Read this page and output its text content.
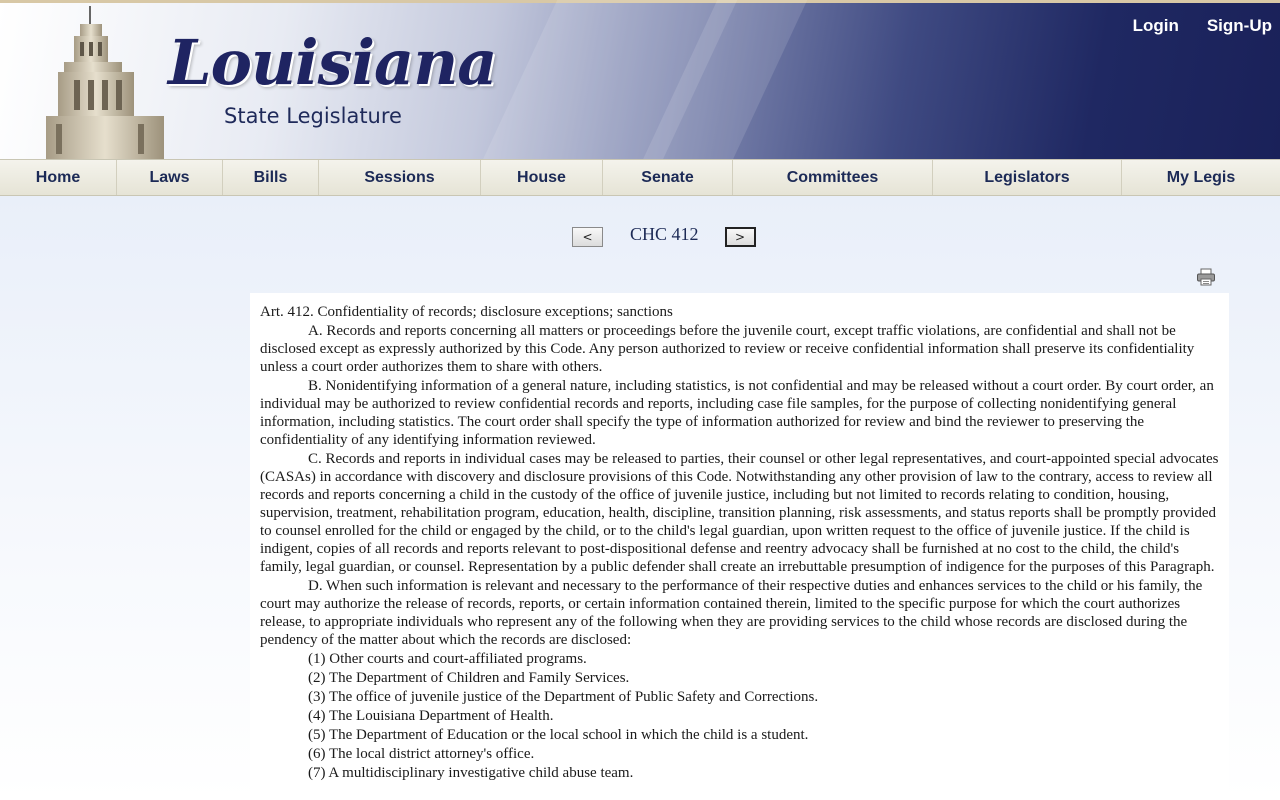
Louisiana
State Legislature
Login Sign-Up
Home	Laws	Bills	Sessions	House	Senate	Committees	Legislators	My Legis
<	CHC 412	>
Art. 412. Confidentiality of records; disclosure exceptions; sanctions
A. Records and reports concerning all matters or proceedings before the juvenile court, except traffic violations, are confidential and shall not be disclosed except as expressly authorized by this Code. Any person authorized to review or receive confidential information shall preserve its confidentiality unless a court order authorizes them to share with others.
B. Nonidentifying information of a general nature, including statistics, is not confidential and may be released without a court order. By court order, an individual may be authorized to review confidential records and reports, including case file samples, for the purpose of collecting nonidentifying general information, including statistics. The court order shall specify the type of information authorized for review and bind the reviewer to preserving the confidentiality of any identifying information reviewed.
C. Records and reports in individual cases may be released to parties, their counsel or other legal representatives, and court-appointed special advocates (CASAs) in accordance with discovery and disclosure provisions of this Code. Notwithstanding any other provision of law to the contrary, access to review all records and reports concerning a child in the custody of the office of juvenile justice, including but not limited to records relating to condition, housing, supervision, treatment, rehabilitation program, education, health, discipline, transition planning, risk assessments, and status reports shall be promptly provided to counsel enrolled for the child or engaged by the child, or to the child's legal guardian, upon written request to the office of juvenile justice. If the child is indigent, copies of all records and reports relevant to post-dispositional defense and reentry advocacy shall be furnished at no cost to the child, the child's family, legal guardian, or counsel. Representation by a public defender shall create an irrebuttable presumption of indigence for the purposes of this Paragraph.
D. When such information is relevant and necessary to the performance of their respective duties and enhances services to the child or his family, the court may authorize the release of records, reports, or certain information contained therein, limited to the specific purpose for which the court authorizes release, to appropriate individuals who represent any of the following when they are providing services to the child whose records are disclosed during the pendency of the matter about which the records are disclosed:
(1) Other courts and court-affiliated programs.
(2) The Department of Children and Family Services.
(3) The office of juvenile justice of the Department of Public Safety and Corrections.
(4) The Louisiana Department of Health.
(5) The Department of Education or the local school in which the child is a student.
(6) The local district attorney's office.
(7) A multidisciplinary investigative child abuse team.
